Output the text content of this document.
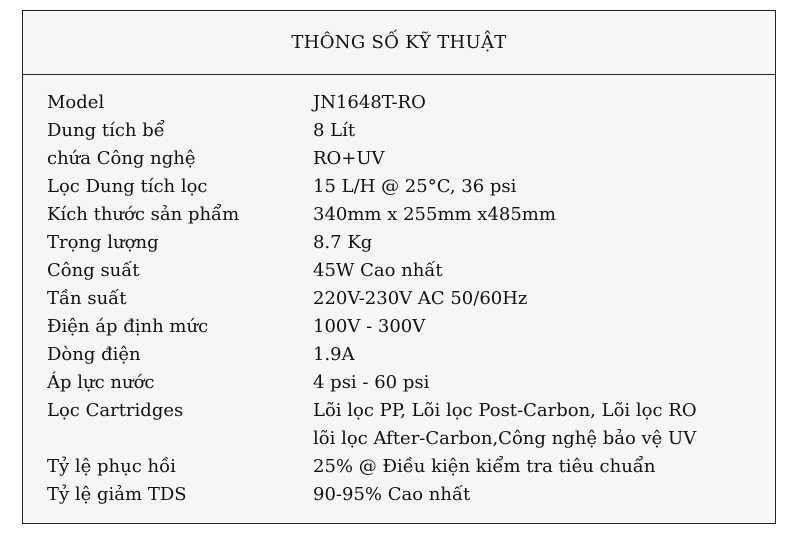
THÔNG SỐ KỸ THUẬT
Model	JN1648T-RO
Dung tích bể	8 Lít
chứa Công nghệ	RO+UV
Lọc Dung tích lọc	15 L/H @ 25°C, 36 psi
Kích thước sản phẩm	340mm x 255mm x485mm
Trọng lượng	8.7 Kg
Công suất	45W Cao nhất
Tần suất	220V-230V AC 50/60Hz
Điện áp định mức	100V - 300V
Dòng điện	1.9A
Áp lực nước	4 psi - 60 psi
Lọc Cartridges	Lõi lọc PP, Lõi lọc Post-Carbon, Lõi lọc RO
lõi lọc After-Carbon,Công nghệ bảo vệ UV
Tỷ lệ phục hồi	25% @ Điều kiện kiểm tra tiêu chuẩn
Tỷ lệ giảm TDS	90-95% Cao nhất
